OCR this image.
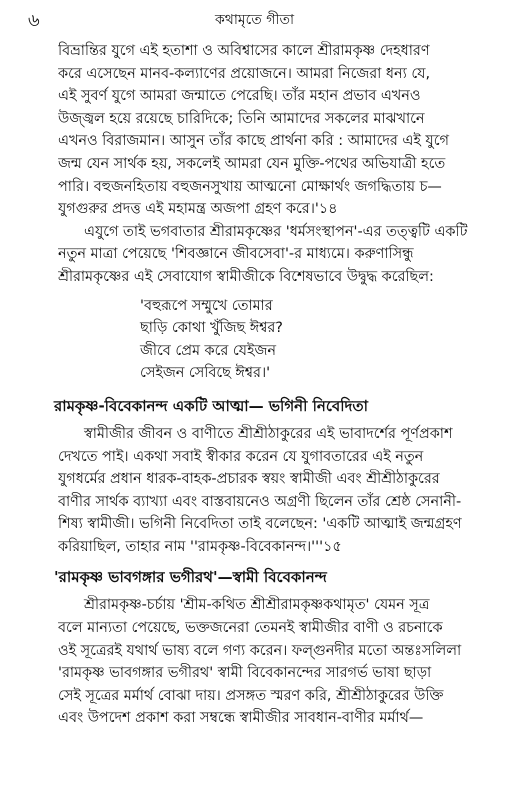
৬	কথামৃতে গীতা
বিভ্রান্তির যুগে এই হতাশা ও অবিশ্বাসের কালে শ্রীরামকৃষ্ণ দেহধারণ
করে এসেছেন মানব-কল্যাণের প্রয়োজনে। আমরা নিজেরা ধন্য যে,
এই সুবর্ণ যুগে আমরা জন্মাতে পেরেছি। তাঁর মহান প্রভাব এখনও
উজ্জ্বল হয়ে রয়েছে চারিদিকে; তিনি আমাদের সকলের মাঝখানে
এখনও বিরাজমান। আসুন তাঁর কাছে প্রার্থনা করি : আমাদের এই যুগে
জন্ম যেন সার্থক হয়, সকলেই আমরা যেন মুক্তি-পথের অভিযাত্রী হতে
পারি। বহুজনহিতায় বহুজনসুখায় আত্মনো মোক্ষার্থং জগদ্ধিতায় চ—
যুগগুরুর প্রদত্ত এই মহামন্ত্র অজপা গ্রহণ করে।'১৪
এযুগে তাই ভগবাতার শ্রীরামকৃষ্ণের 'ধর্মসংস্থাপন'-এর তত্ত্বটি একটি
নতুন মাত্রা পেয়েছে 'শিবজ্ঞানে জীবসেবা'-র মাধ্যমে। করুণাসিন্ধু
শ্রীরামকৃষ্ণের এই সেবাযোগ স্বামীজীকে বিশেষভাবে উদ্বুদ্ধ করেছিল:
'বহুরূপে সম্মুখে তোমার
ছাড়ি কোথা খুঁজিছ ঈশ্বর?
জীবে প্রেম করে যেইজন
সেইজন সেবিছে ঈশ্বর।'
রামকৃষ্ণ-বিবেকানন্দ একটি আত্মা— ভগিনী নিবেদিতা
স্বামীজীর জীবন ও বাণীতে শ্রীশ্রীঠাকুরের এই ভাবাদর্শের পূর্ণপ্রকাশ
দেখতে পাই। একথা সবাই স্বীকার করেন যে যুগাবতারের এই নতুন
যুগধর্মের প্রধান ধারক-বাহক-প্রচারক স্বয়ং স্বামীজী এবং শ্রীশ্রীঠাকুরের
বাণীর সার্থক ব্যাখ্যা এবং বাস্তবায়নেও অগ্রণী ছিলেন তাঁর শ্রেষ্ঠ সেনানী-
শিষ্য স্বামীজী। ভগিনী নিবেদিতা তাই বলেছেন: 'একটি আত্মাই জন্মগ্রহণ
করিয়াছিল, তাহার নাম ''রামকৃষ্ণ-বিবেকানন্দ।'''১৫
'রামকৃষ্ণ ভাবগঙ্গার ভগীরথ'—স্বামী বিবেকানন্দ
শ্রীরামকৃষ্ণ-চর্চায় 'শ্রীম-কথিত শ্রীশ্রীরামকৃষ্ণকথামৃত' যেমন সূত্র
বলে মান্যতা পেয়েছে, ভক্তজনেরা তেমনই স্বামীজীর বাণী ও রচনাকে
ওই সূত্রেরই যথার্থ ভাষ্য বলে গণ্য করেন। ফল্গুনদীর মতো অন্তঃসলিলা
'রামকৃষ্ণ ভাবগঙ্গার ভগীরথ' স্বামী বিবেকানন্দের সারগর্ভ ভাষা ছাড়া
সেই সূত্রের মর্মার্থ বোঝা দায়। প্রসঙ্গত স্মরণ করি, শ্রীশ্রীঠাকুরের উক্তি
এবং উপদেশ প্রকাশ করা সম্বন্ধে স্বামীজীর সাবধান-বাণীর মর্মার্থ—
